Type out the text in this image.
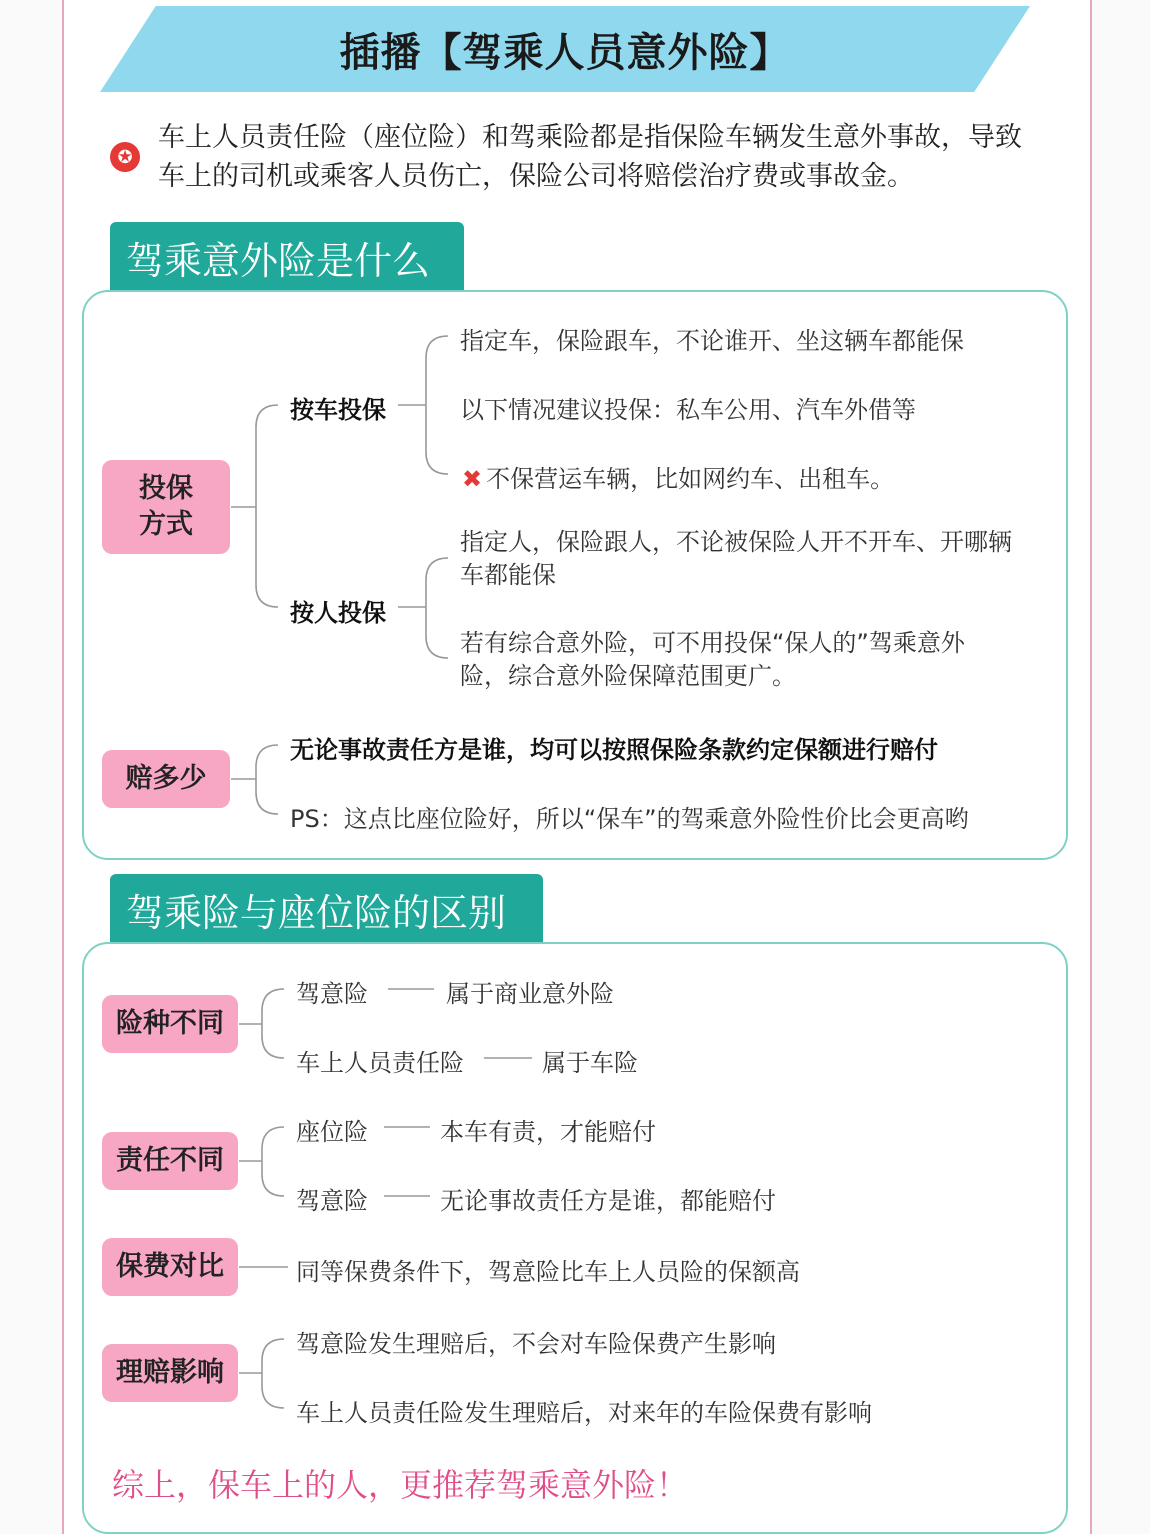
插播【驾乘人员意外险】
✪
车上人员责任险（座位险）和驾乘险都是指保险车辆发生意外事故，导致车上的司机或乘客人员伤亡，保险公司将赔偿治疗费或事故金。
驾乘意外险是什么
投保
方式
按车投保
指定车，保险跟车，不论谁开、坐这辆车都能保
以下情况建议投保：私车公用、汽车外借等
✖ 不保营运车辆，比如网约车、出租车。
按人投保
指定人，保险跟人，不论被保险人开不开车、开哪辆车都能保
若有综合意外险，可不用投保“保人的”驾乘意外险，综合意外险保障范围更广。
赔多少
无论事故责任方是谁，均可以按照保险条款约定保额进行赔付
PS：这点比座位险好，所以“保车”的驾乘意外险性价比会更高哟
驾乘险与座位险的区别
险种不同
驾意险	属于商业意外险
车上人员责任险	属于车险
责任不同
座位险	本车有责，才能赔付
驾意险	无论事故责任方是谁，都能赔付
保费对比	同等保费条件下，驾意险比车上人员险的保额高
理赔影响
驾意险发生理赔后，不会对车险保费产生影响
车上人员责任险发生理赔后，对来年的车险保费有影响
综上，保车上的人，更推荐驾乘意外险！
